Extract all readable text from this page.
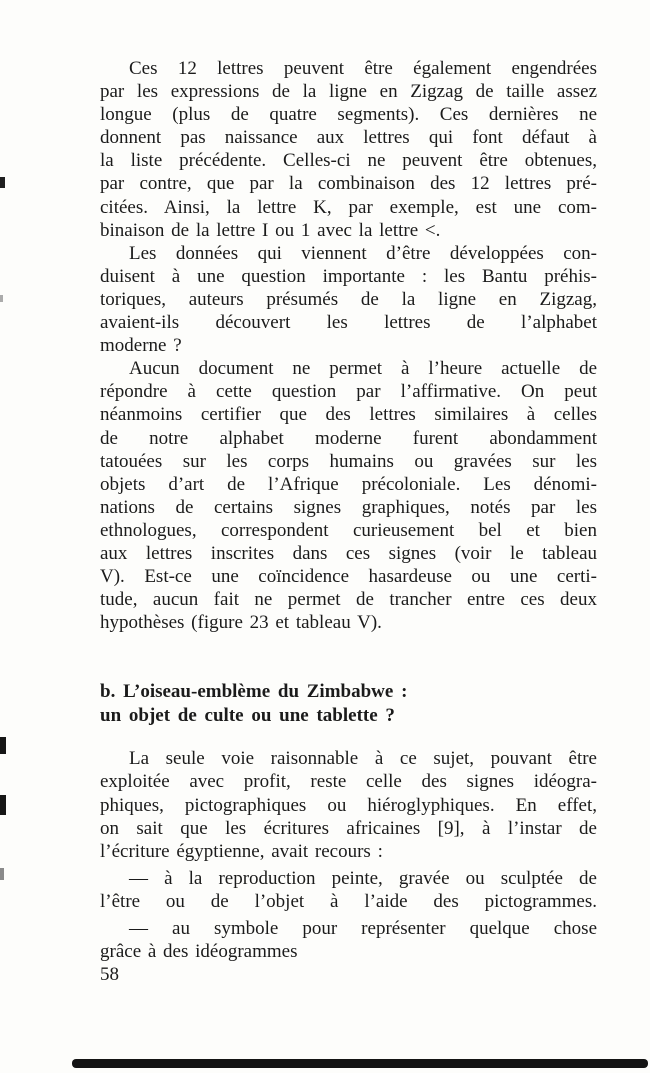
Ces 12 lettres peuvent être également engendrées
par les expressions de la ligne en Zigzag de taille assez
longue (plus de quatre segments). Ces dernières ne
donnent pas naissance aux lettres qui font défaut à
la liste précédente. Celles-ci ne peuvent être obtenues,
par contre, que par la combinaison des 12 lettres pré-
citées. Ainsi, la lettre K, par exemple, est une com-
binaison de la lettre I ou 1 avec la lettre <.
Les données qui viennent d’être développées con-
duisent à une question importante : les Bantu préhis-
toriques, auteurs présumés de la ligne en Zigzag,
avaient-ils découvert les lettres de l’alphabet
moderne ?
Aucun document ne permet à l’heure actuelle de
répondre à cette question par l’affirmative. On peut
néanmoins certifier que des lettres similaires à celles
de notre alphabet moderne furent abondamment
tatouées sur les corps humains ou gravées sur les
objets d’art de l’Afrique précoloniale. Les dénomi-
nations de certains signes graphiques, notés par les
ethnologues, correspondent curieusement bel et bien
aux lettres inscrites dans ces signes (voir le tableau
V). Est-ce une coïncidence hasardeuse ou une certi-
tude, aucun fait ne permet de trancher entre ces deux
hypothèses (figure 23 et tableau V).
b. L’oiseau-emblème du Zimbabwe :
un objet de culte ou une tablette ?
La seule voie raisonnable à ce sujet, pouvant être
exploitée avec profit, reste celle des signes idéogra-
phiques, pictographiques ou hiéroglyphiques. En effet,
on sait que les écritures africaines [9], à l’instar de
l’écriture égyptienne, avait recours :
— à la reproduction peinte, gravée ou sculptée de
l’être ou de l’objet à l’aide des pictogrammes.
— au symbole pour représenter quelque chose
grâce à des idéogrammes
58
